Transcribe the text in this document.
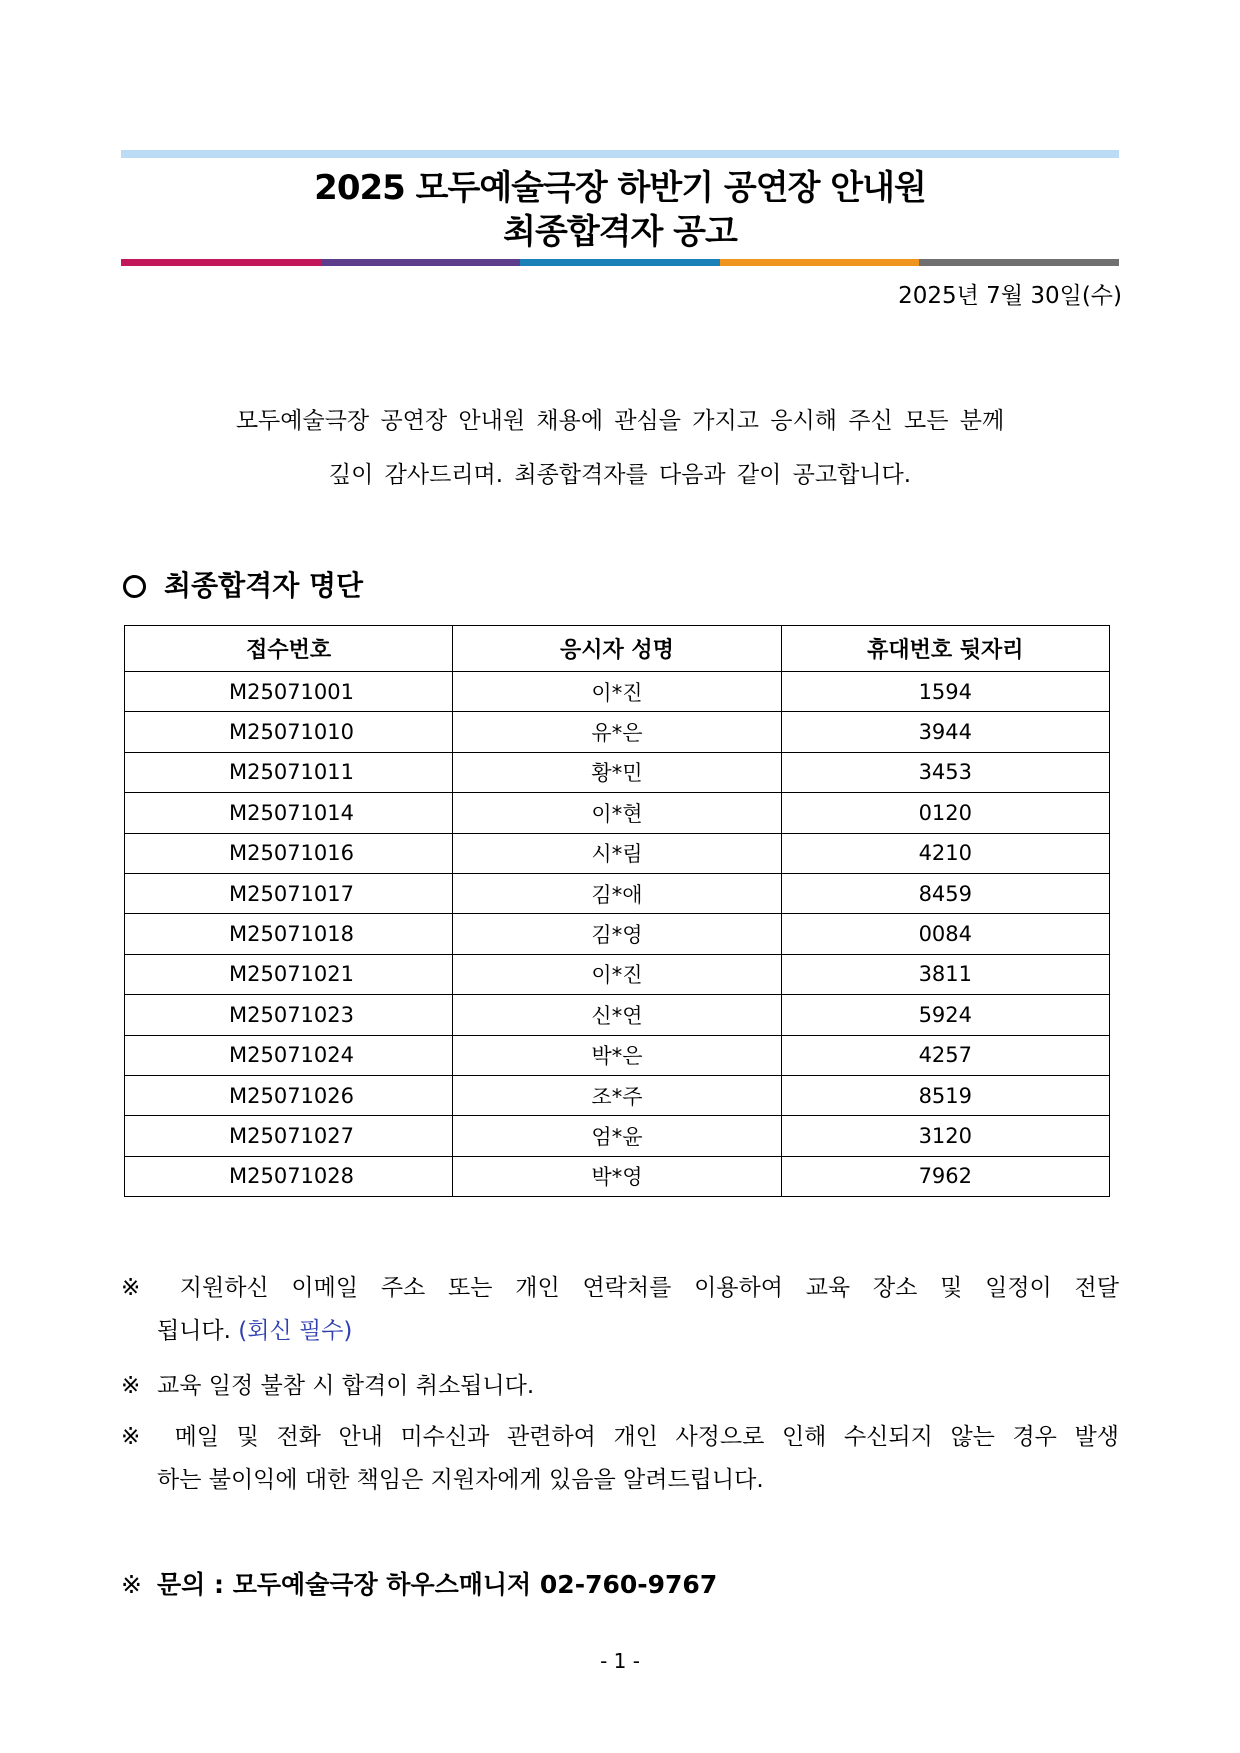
2025 모두예술극장 하반기 공연장 안내원
최종합격자 공고
2025년 7월 30일(수)
모두예술극장 공연장 안내원 채용에 관심을 가지고 응시해 주신 모든 분께
깊이 감사드리며. 최종합격자를 다음과 같이 공고합니다.
최종합격자 명단
접수번호	응시자 성명	휴대번호 뒷자리
M25071001	이*진	1594
M25071010	유*은	3944
M25071011	황*민	3453
M25071014	이*현	0120
M25071016	시*림	4210
M25071017	김*애	8459
M25071018	김*영	0084
M25071021	이*진	3811
M25071023	신*연	5924
M25071024	박*은	4257
M25071026	조*주	8519
M25071027	엄*윤	3120
M25071028	박*영	7962
※	지원하신 이메일 주소 또는 개인 연락처를 이용하여 교육 장소 및 일정이 전달
됩니다. (회신 필수)
※ 교육 일정 불참 시 합격이 취소됩니다.
※	메일 및 전화 안내 미수신과 관련하여 개인 사정으로 인해 수신되지 않는 경우 발생
하는 불이익에 대한 책임은 지원자에게 있음을 알려드립니다.
※ 문의 : 모두예술극장 하우스매니저 02-760-9767
- 1 -
